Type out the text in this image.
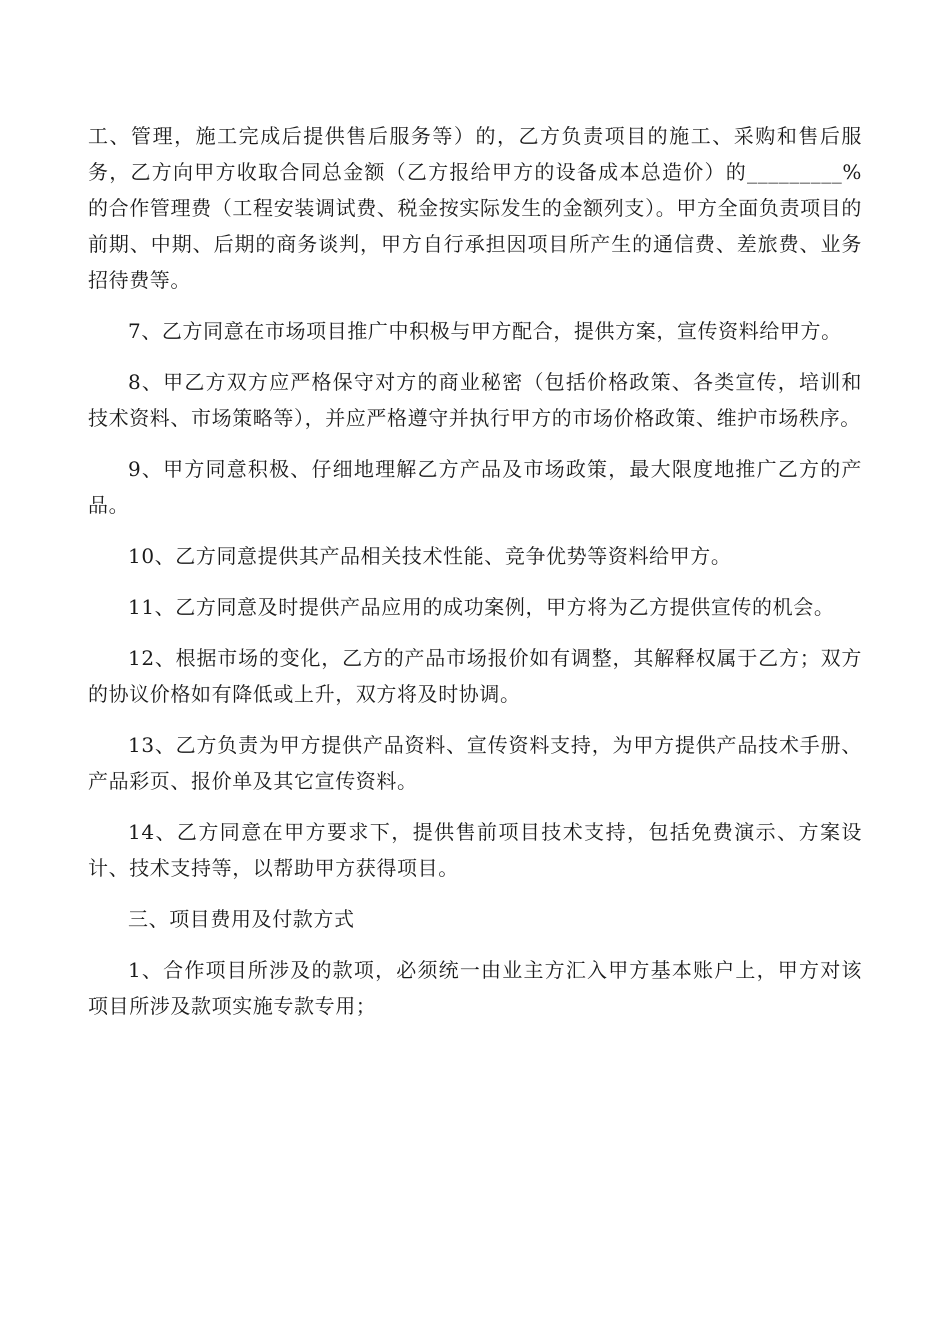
工、管理，施工完成后提供售后服务等）的，乙方负责项目的施工、采购和售后服务，乙方向甲方收取合同总金额（乙方报给甲方的设备成本总造价）的_________%的合作管理费（工程安装调试费、税金按实际发生的金额列支）。甲方全面负责项目的前期、中期、后期的商务谈判，甲方自行承担因项目所产生的通信费、差旅费、业务招待费等。

7、乙方同意在市场项目推广中积极与甲方配合，提供方案，宣传资料给甲方。

8、甲乙方双方应严格保守对方的商业秘密（包括价格政策、各类宣传，培训和技术资料、市场策略等），并应严格遵守并执行甲方的市场价格政策、维护市场秩序。

9、甲方同意积极、仔细地理解乙方产品及市场政策，最大限度地推广乙方的产品。

10、乙方同意提供其产品相关技术性能、竞争优势等资料给甲方。

11、乙方同意及时提供产品应用的成功案例，甲方将为乙方提供宣传的机会。

12、根据市场的变化，乙方的产品市场报价如有调整，其解释权属于乙方；双方的协议价格如有降低或上升，双方将及时协调。

13、乙方负责为甲方提供产品资料、宣传资料支持，为甲方提供产品技术手册、产品彩页、报价单及其它宣传资料。

14、乙方同意在甲方要求下，提供售前项目技术支持，包括免费演示、方案设计、技术支持等，以帮助甲方获得项目。

三、项目费用及付款方式

1、合作项目所涉及的款项，必须统一由业主方汇入甲方基本账户上，甲方对该项目所涉及款项实施专款专用；
